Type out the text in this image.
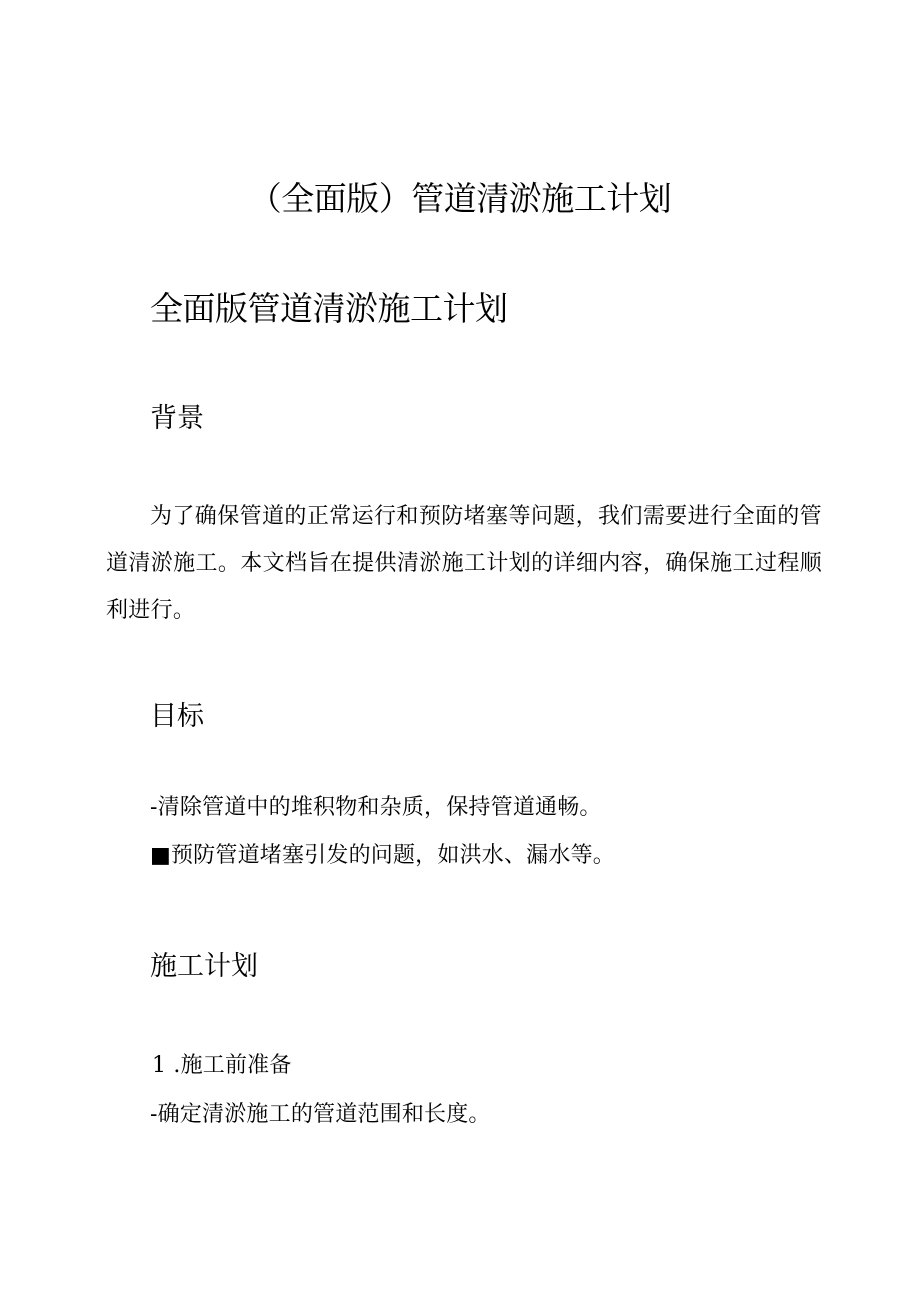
（全面版）管道清淤施工计划
全面版管道清淤施工计划
背景
为了确保管道的正常运行和预防堵塞等问题，我们需要进行全面的管道清淤施工。本文档旨在提供清淤施工计划的详细内容，确保施工过程顺利进行。
目标
-清除管道中的堆积物和杂质，保持管道通畅。
■预防管道堵塞引发的问题，如洪水、漏水等。
施工计划
1 .施工前准备
-确定清淤施工的管道范围和长度。
